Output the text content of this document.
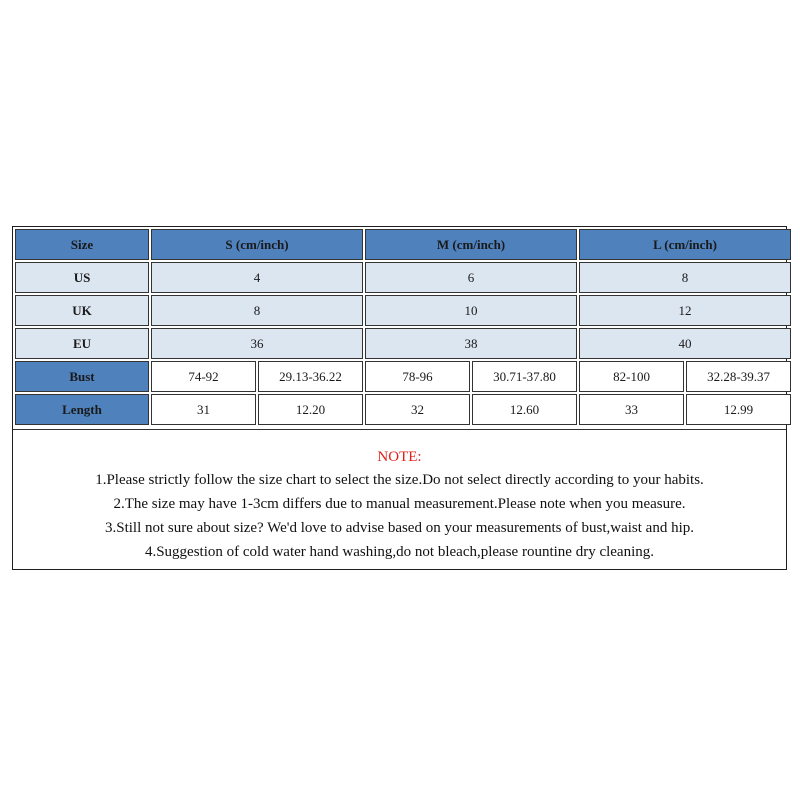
Size	S (cm/inch)		M (cm/inch)		L (cm/inch)	
US	4		6		8	
UK	8		10		12	
EU	36		38		40	
Bust	74-92	29.13-36.22	78-96	30.71-37.80	82-100	32.28-39.37
Length	31	12.20	32	12.60	33	12.99
NOTE:
1.Please strictly follow the size chart to select the size.Do not select directly according to your habits.
2.The size may have 1-3cm differs due to manual measurement.Please note when you measure.
3.Still not sure about size? We'd love to advise based on your measurements of bust,waist and hip.
4.Suggestion of cold water hand washing,do not bleach,please rountine dry cleaning.
